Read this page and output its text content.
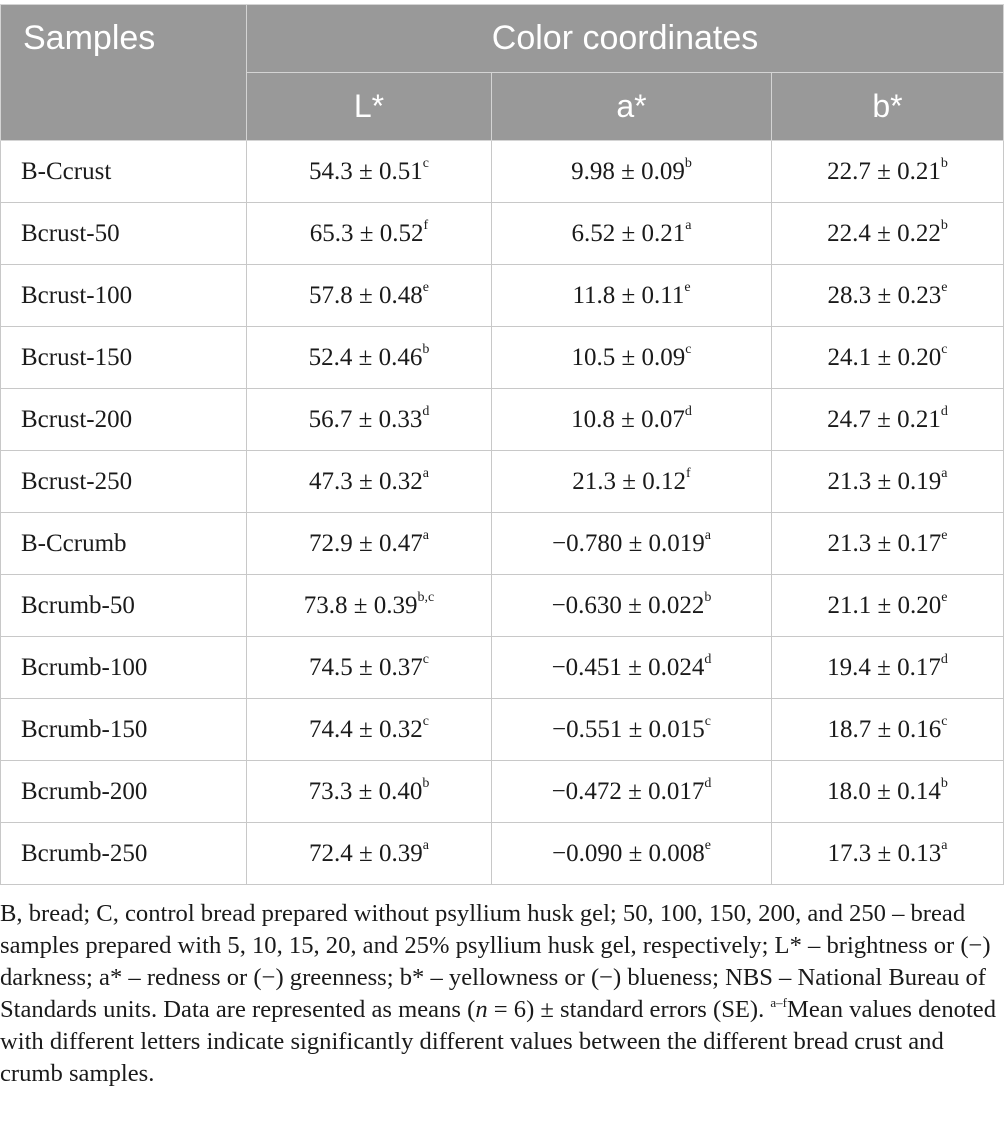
Samples	Color coordinates		
	L*	a*	b*
B-Ccrust	54.3 ± 0.51$^c$	9.98 ± 0.09$^b$	22.7 ± 0.21$^b$
Bcrust-50	65.3 ± 0.52$^f$	6.52 ± 0.21$^a$	22.4 ± 0.22$^b$
Bcrust-100	57.8 ± 0.48$^e$	11.8 ± 0.11$^e$	28.3 ± 0.23$^e$
Bcrust-150	52.4 ± 0.46$^b$	10.5 ± 0.09$^c$	24.1 ± 0.20$^c$
Bcrust-200	56.7 ± 0.33$^d$	10.8 ± 0.07$^d$	24.7 ± 0.21$^d$
Bcrust-250	47.3 ± 0.32$^a$	21.3 ± 0.12$^f$	21.3 ± 0.19$^a$
B-Ccrumb	72.9 ± 0.47$^a$	−0.780 ± 0.019$^a$	21.3 ± 0.17$^e$
Bcrumb-50	$73.8 \pm 0.39^{b,c}$	−0.630 ± 0.022$^b$	21.1 ± 0.20$^e$
Bcrumb-100	74.5 ± 0.37$^c$	−0.451 ± 0.024$^d$	19.4 ± 0.17$^d$
Bcrumb-150	74.4 ± 0.32$^c$	−0.551 ± 0.015$^c$	18.7 ± 0.16$^c$
Bcrumb-200	73.3 ± 0.40$^b$	−0.472 ± 0.017$^d$	18.0 ± 0.14$^b$
Bcrumb-250	72.4 ± 0.39$^a$	−0.090 ± 0.008$^e$	17.3 ± 0.13$^a$

B, bread; C, control bread prepared without psyllium husk gel; 50, 100, 150, 200, and 250 – bread samples prepared with 5, 10, 15, 20, and 25% psyllium husk gel, respectively; L* – brightness or (−) darkness; a* – redness or (−) greenness; b* – yellowness or (−) blueness; NBS – National Bureau of Standards units. Data are represented as means (n = 6) ± standard errors (SE). $^{a-f}$Mean values denoted with different letters indicate significantly different values between the different bread crust and crumb samples.
